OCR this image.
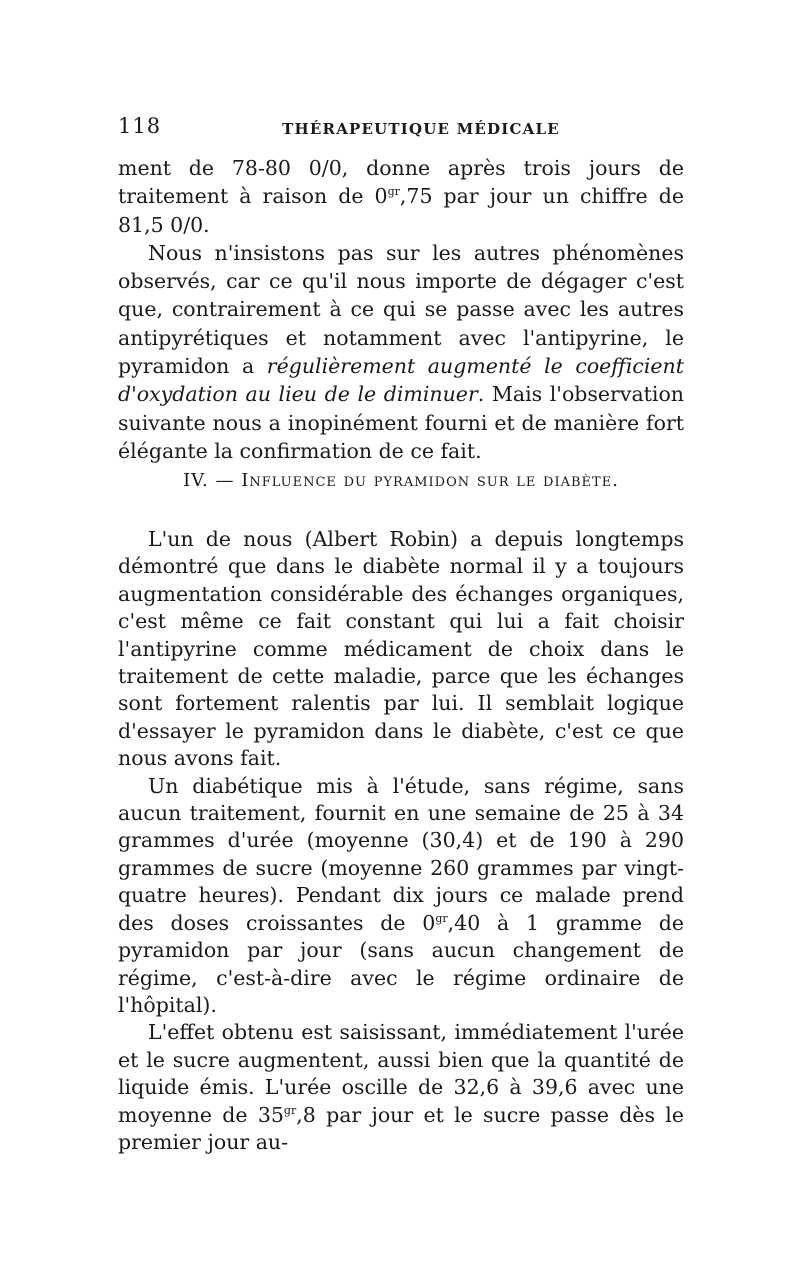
118	THÉRAPEUTIQUE MÉDICALE

ment de 78-80 0/0, donne après trois jours de traitement à raison de $0^{gr},75$ par jour un chiffre de 81,5 0/0.

Nous n'insistons pas sur les autres phénomènes observés, car ce qu'il nous importe de dégager c'est que, contrairement à ce qui se passe avec les autres antipyrétiques et notamment avec l'antipyrine, le pyramidon a régulièrement augmenté le coefficient d'oxydation au lieu de le diminuer. Mais l'observation suivante nous a inopinément fourni et de manière fort élégante la confirmation de ce fait.

IV. — Influence du pyramidon sur le diabète.

L'un de nous (Albert Robin) a depuis longtemps démontré que dans le diabète normal il y a toujours augmentation considérable des échanges organiques, c'est même ce fait constant qui lui a fait choisir l'antipyrine comme médicament de choix dans le traitement de cette maladie, parce que les échanges sont fortement ralentis par lui. Il semblait logique d'essayer le pyramidon dans le diabète, c'est ce que nous avons fait.

Un diabétique mis à l'étude, sans régime, sans aucun traitement, fournit en une semaine de 25 à 34 grammes d'urée (moyenne (30,4) et de 190 à 290 grammes de sucre (moyenne 260 grammes par vingt-quatre heures). Pendant dix jours ce malade prend des doses croissantes de $0^{gr},40$ à 1 gramme de pyramidon par jour (sans aucun changement de régime, c'est-à-dire avec le régime ordinaire de l'hôpital).

L'effet obtenu est saisissant, immédiatement l'urée et le sucre augmentent, aussi bien que la quantité de liquide émis. L'urée oscille de 32,6 à 39,6 avec une moyenne de $35^{gr},8$ par jour et le sucre passe dès le premier jour au-
